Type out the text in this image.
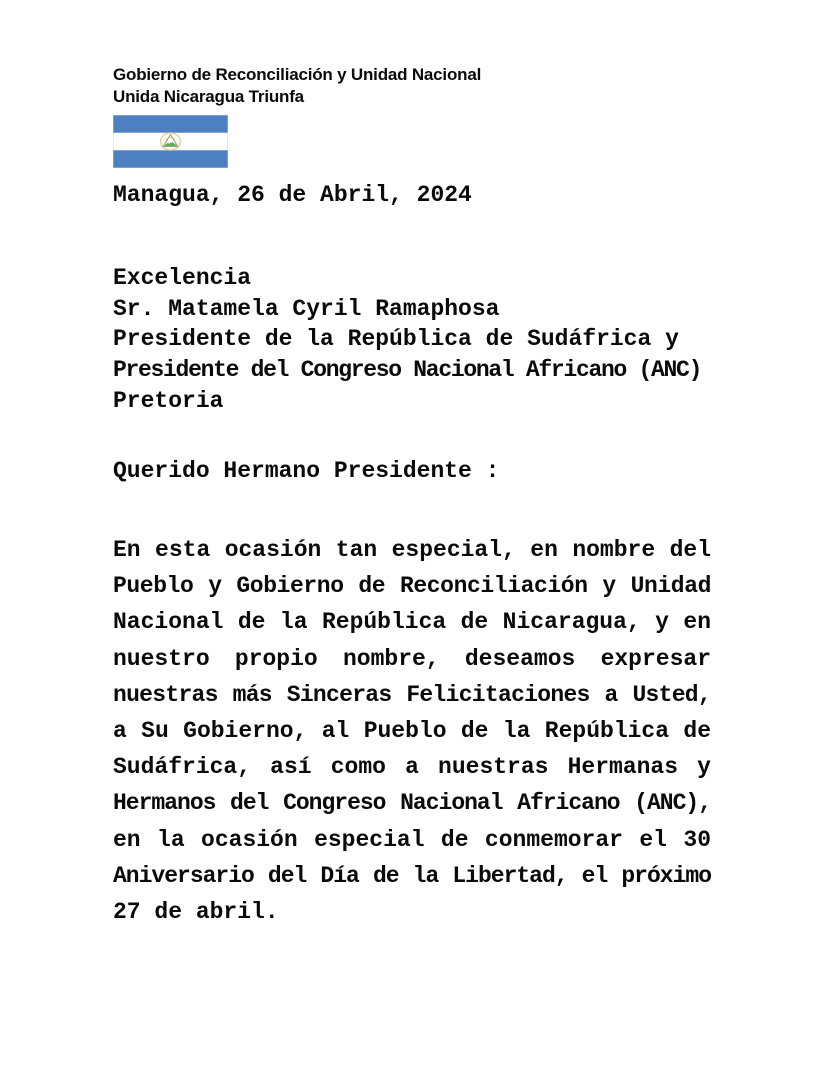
Gobierno de Reconciliación y Unidad Nacional
Unida Nicaragua Triunfa
Managua, 26 de Abril, 2024
Excelencia
Sr. Matamela Cyril Ramaphosa
Presidente de la República de Sudáfrica y
Presidente del Congreso Nacional Africano (ANC)
Pretoria
Querido Hermano Presidente :
En esta ocasión tan especial, en nombre del
Pueblo y Gobierno de Reconciliación y Unidad
Nacional de la República de Nicaragua, y en
nuestro propio nombre, deseamos expresar
nuestras más Sinceras Felicitaciones a Usted,
a Su Gobierno, al Pueblo de la República de
Sudáfrica, así como a nuestras Hermanas y
Hermanos del Congreso Nacional Africano (ANC),
en la ocasión especial de conmemorar el 30
Aniversario del Día de la Libertad, el próximo
27 de abril.
